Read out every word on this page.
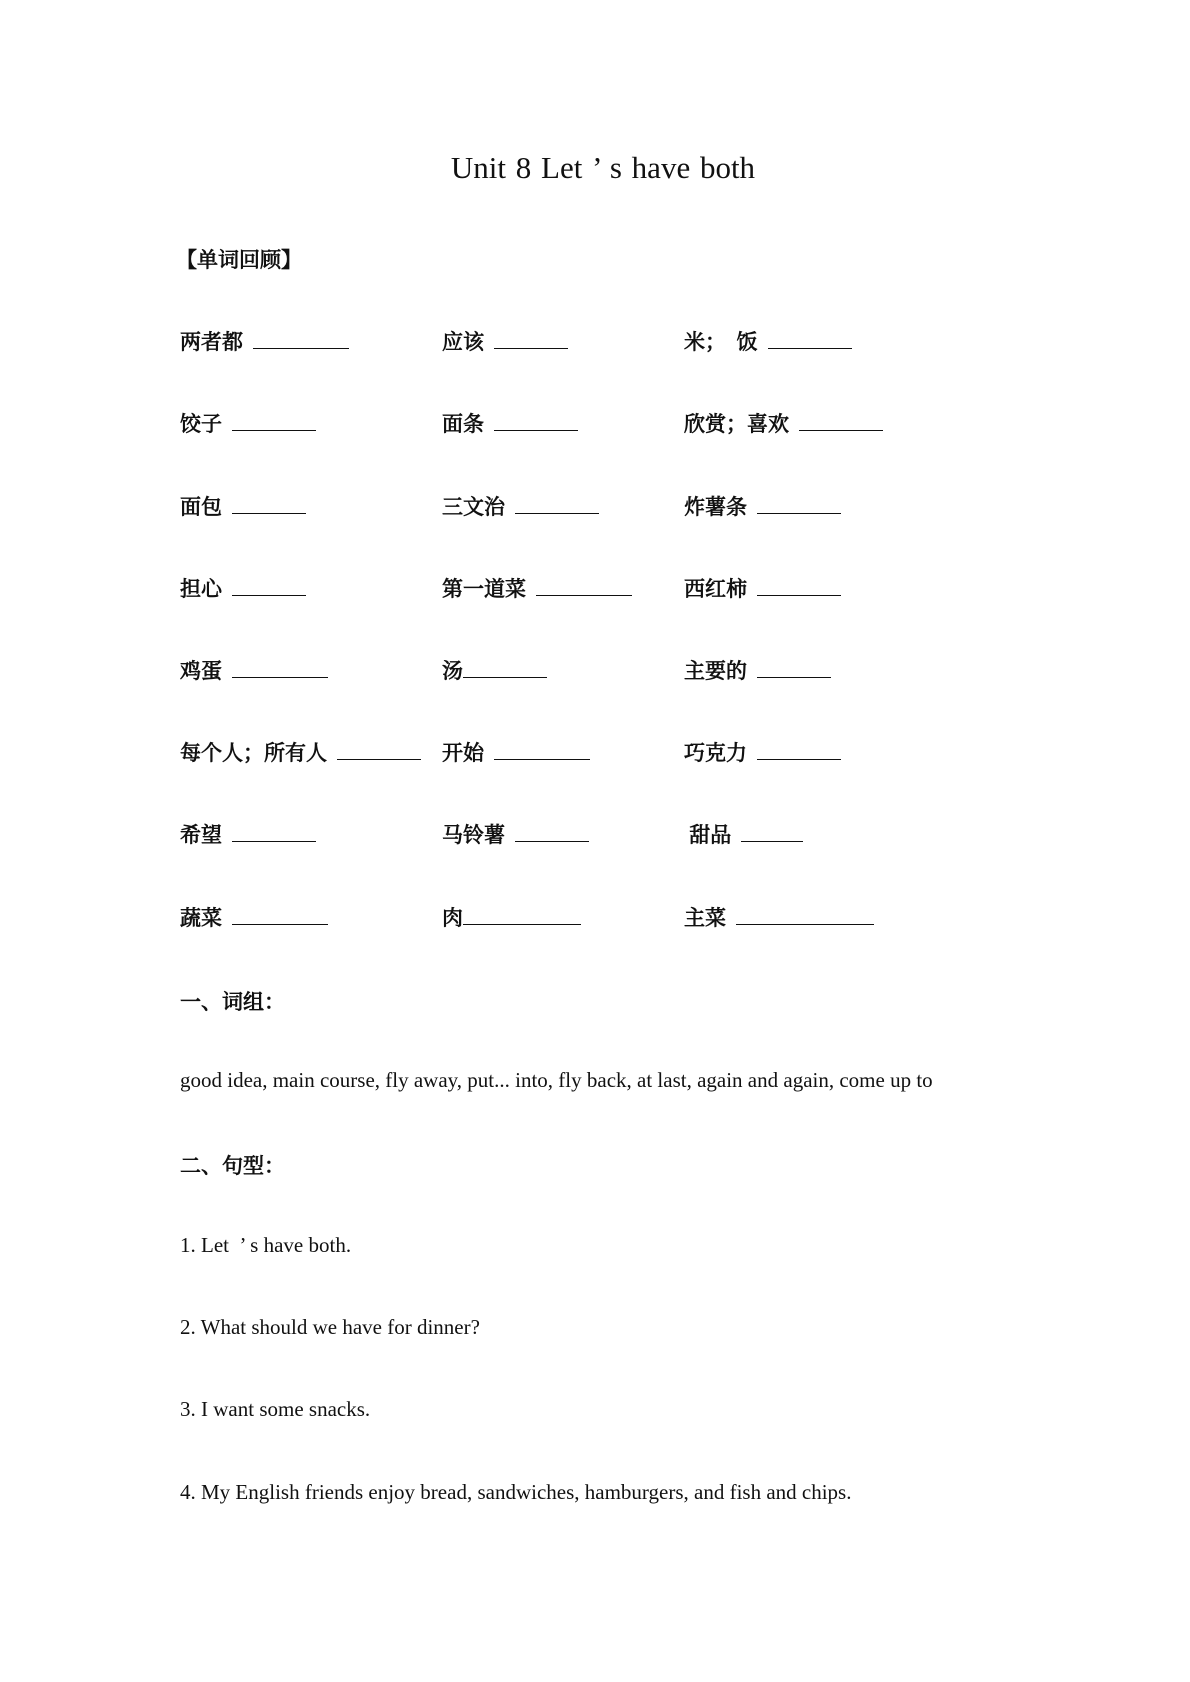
Unit 8 Let ’ s have both
【单词回顾】
两者都	应该	米；  饭
饺子	面条	欣赏；喜欢
面包	三文治	炸薯条
担心	第一道菜	西红柿
鸡蛋	汤	主要的
每个人；所有人	开始	巧克力
希望	马铃薯	甜品
蔬菜	肉	主菜
一、词组：
good idea, main course, fly away, put... into, fly back, at last, again and again, come up to
二、句型：
1. Let  ’ s have both.
2. What should we have for dinner?
3. I want some snacks.
4. My English friends enjoy bread, sandwiches, hamburgers, and fish and chips.
